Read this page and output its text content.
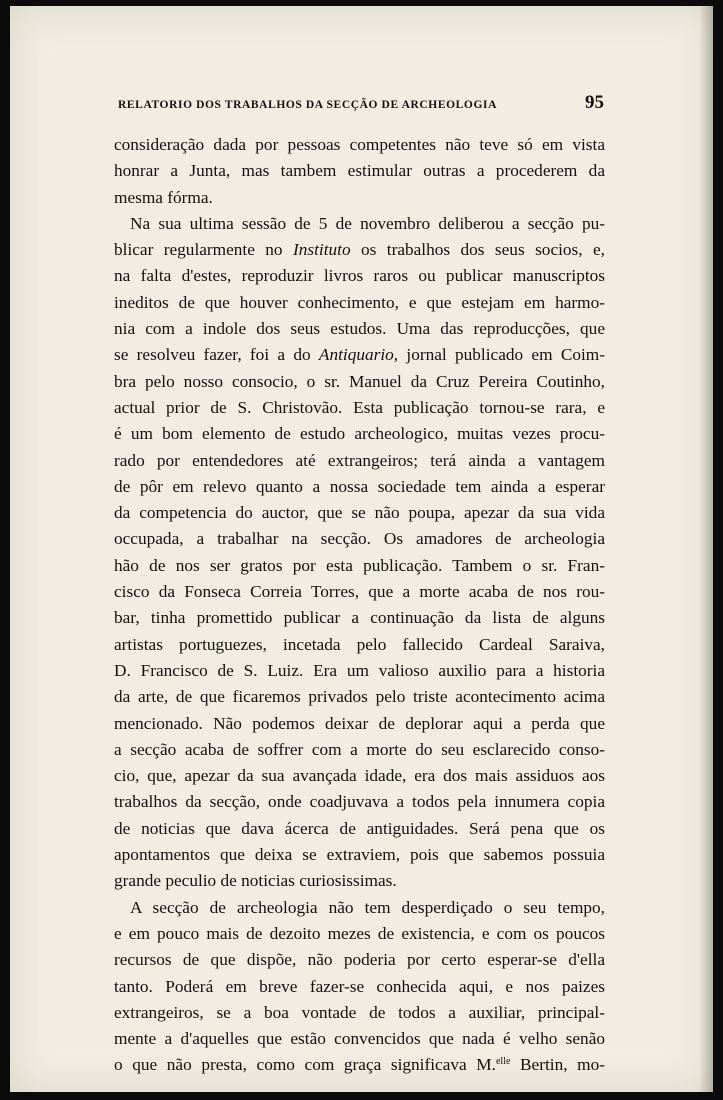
RELATORIO DOS TRABALHOS DA SECÇÃO DE ARCHEOLOGIA	95
consideração dada por pessoas competentes não teve só em vista
honrar a Junta, mas tambem estimular outras a procederem da
mesma fórma.
Na sua ultima sessão de 5 de novembro deliberou a secção pu-
blicar regularmente no Instituto os trabalhos dos seus socios, e,
na falta d'estes, reproduzir livros raros ou publicar manuscriptos
ineditos de que houver conhecimento, e que estejam em harmo-
nia com a indole dos seus estudos. Uma das reproducções, que
se resolveu fazer, foi a do Antiquario, jornal publicado em Coim-
bra pelo nosso consocio, o sr. Manuel da Cruz Pereira Coutinho,
actual prior de S. Christovão. Esta publicação tornou-se rara, e
é um bom elemento de estudo archeologico, muitas vezes procu-
rado por entendedores até extrangeiros; terá ainda a vantagem
de pôr em relevo quanto a nossa sociedade tem ainda a esperar
da competencia do auctor, que se não poupa, apezar da sua vida
occupada, a trabalhar na secção. Os amadores de archeologia
hão de nos ser gratos por esta publicação. Tambem o sr. Fran-
cisco da Fonseca Correia Torres, que a morte acaba de nos rou-
bar, tinha promettido publicar a continuação da lista de alguns
artistas portuguezes, incetada pelo fallecido Cardeal Saraiva,
D. Francisco de S. Luiz. Era um valioso auxilio para a historia
da arte, de que ficaremos privados pelo triste acontecimento acima
mencionado. Não podemos deixar de deplorar aqui a perda que
a secção acaba de soffrer com a morte do seu esclarecido conso-
cio, que, apezar da sua avançada idade, era dos mais assiduos aos
trabalhos da secção, onde coadjuvava a todos pela innumera copia
de noticias que dava ácerca de antiguidades. Será pena que os
apontamentos que deixa se extraviem, pois que sabemos possuia
grande peculio de noticias curiosissimas.
A secção de archeologia não tem desperdiçado o seu tempo,
e em pouco mais de dezoito mezes de existencia, e com os poucos
recursos de que dispõe, não poderia por certo esperar-se d'ella
tanto. Poderá em breve fazer-se conhecida aqui, e nos paizes
extrangeiros, se a boa vontade de todos a auxiliar, principal-
mente a d'aquelles que estão convencidos que nada é velho senão
o que não presta, como com graça significava M.$^{elle}$ Bertin, mo-
